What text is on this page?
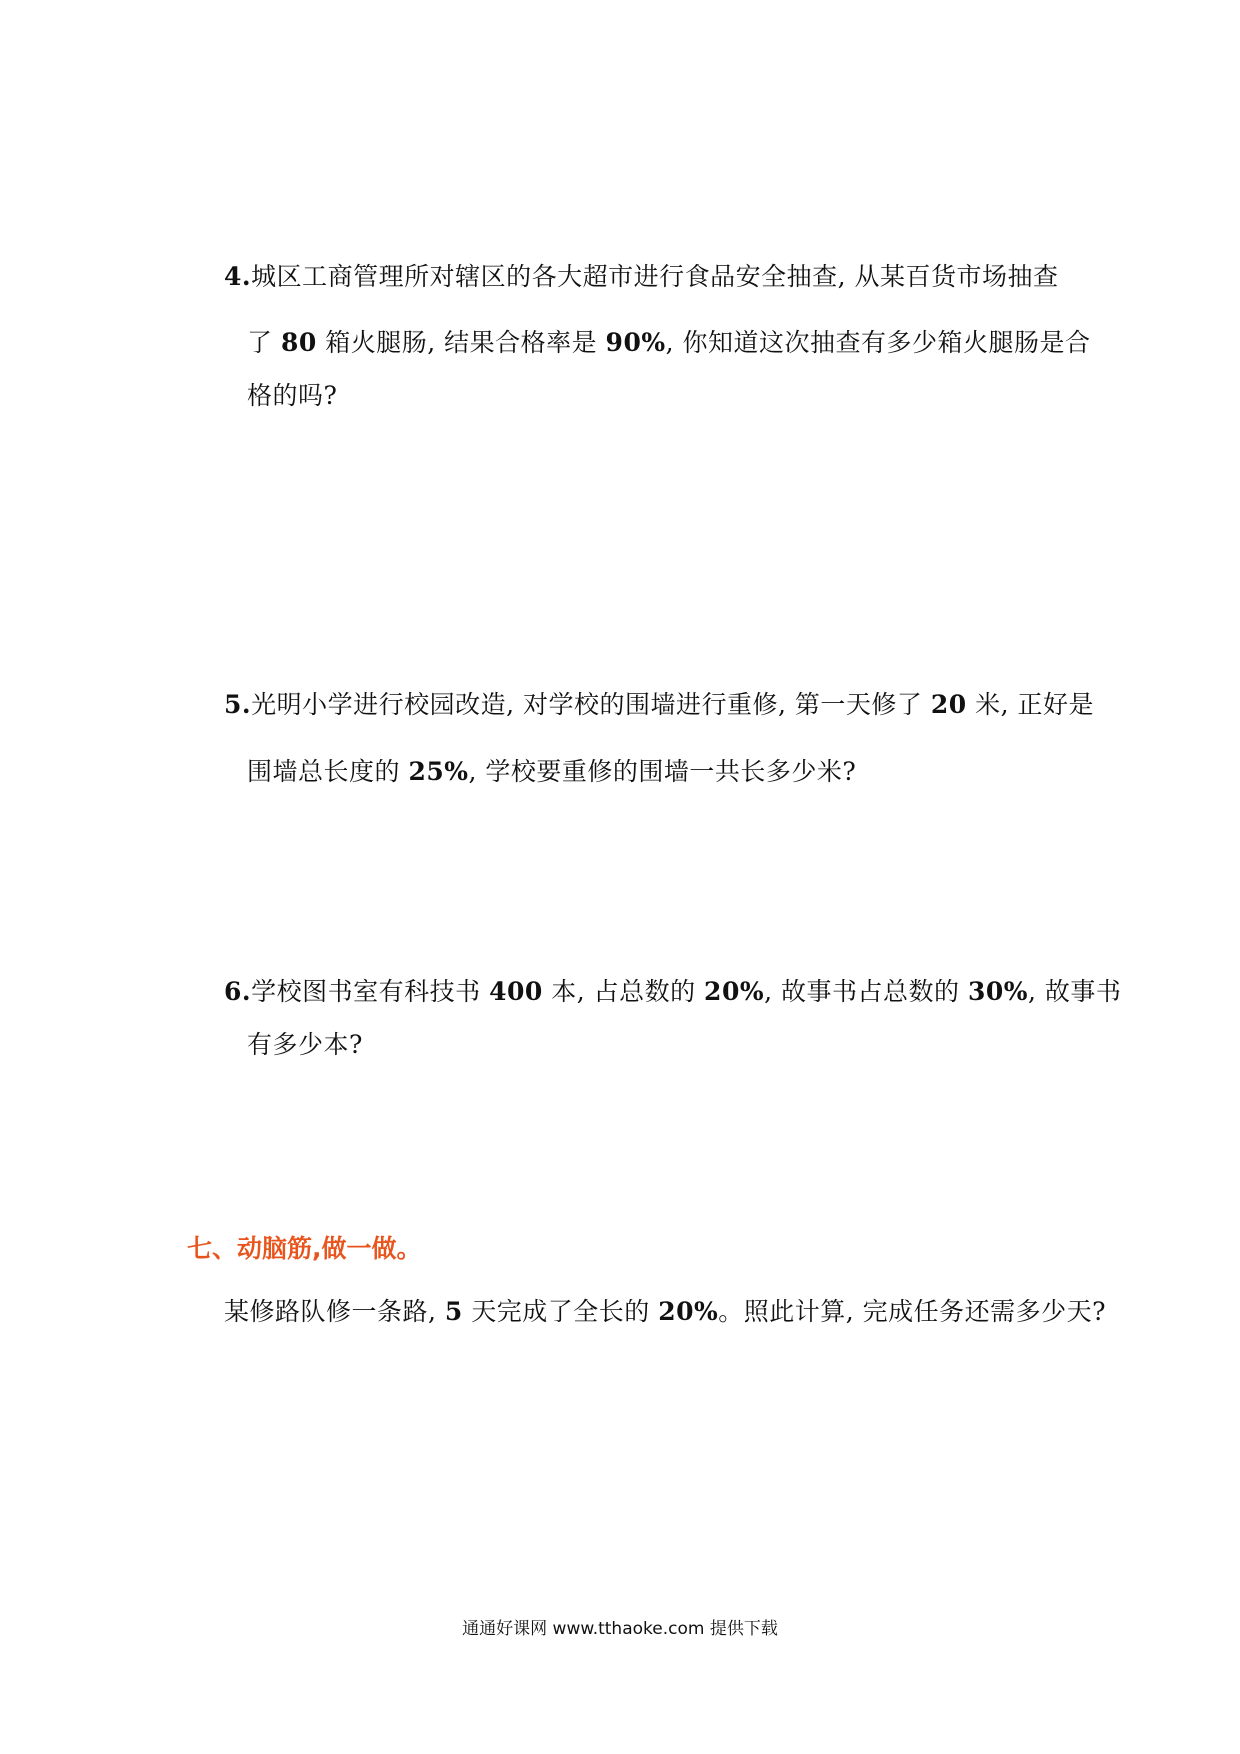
4.城区工商管理所对辖区的各大超市进行食品安全抽查, 从某百货市场抽查
了 80 箱火腿肠, 结果合格率是 90%, 你知道这次抽查有多少箱火腿肠是合
格的吗?
5.光明小学进行校园改造, 对学校的围墙进行重修, 第一天修了 20 米, 正好是
围墙总长度的 25%, 学校要重修的围墙一共长多少米?
6.学校图书室有科技书 400 本, 占总数的 20%, 故事书占总数的 30%, 故事书
有多少本?
七、动脑筋,做一做。
某修路队修一条路, 5 天完成了全长的 20%。照此计算, 完成任务还需多少天?
通通好课网 www.tthaoke.com 提供下载
